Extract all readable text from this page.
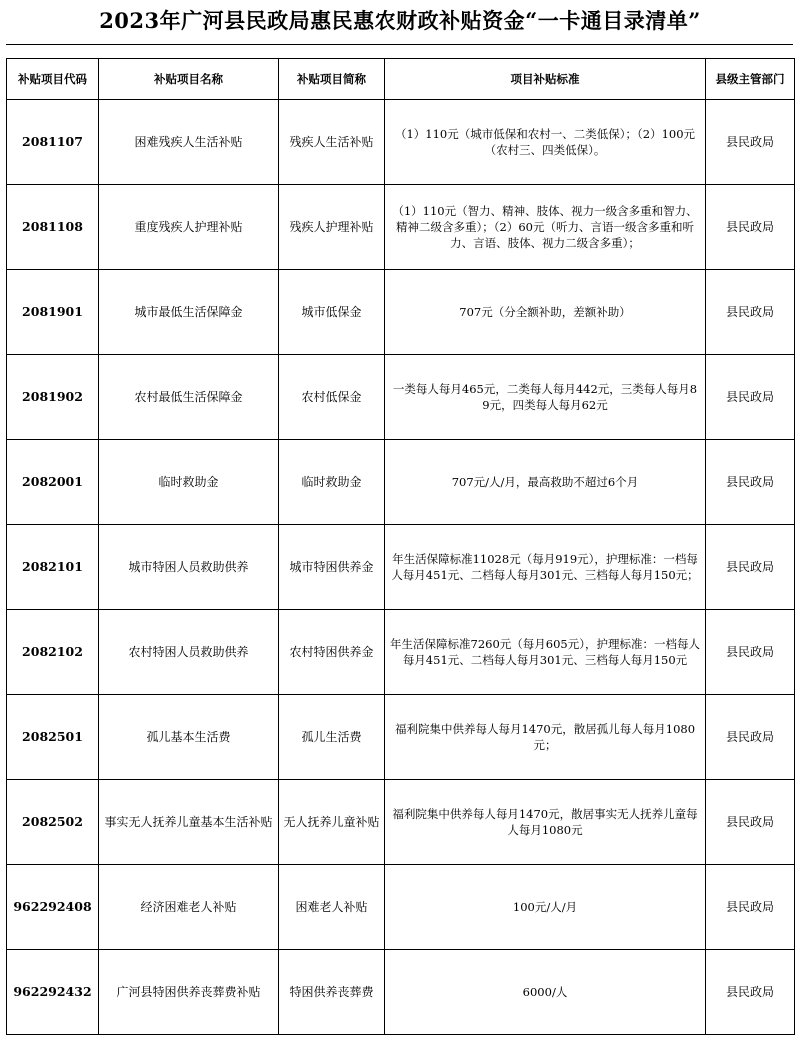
2023年广河县民政局惠民惠农财政补贴资金“一卡通目录清单”
补贴项目代码	补贴项目名称	补贴项目简称	项目补贴标准	县级主管部门
2081107	困难残疾人生活补贴	残疾人生活补贴	（1）110元（城市低保和农村一、二类低保）；（2）100元（农村三、四类低保）。	县民政局
2081108	重度残疾人护理补贴	残疾人护理补贴	（1）110元（智力、精神、肢体、视力一级含多重和智力、精神二级含多重）；（2）60元（听力、言语一级含多重和听力、言语、肢体、视力二级含多重）；	县民政局
2081901	城市最低生活保障金	城市低保金	707元（分全额补助，差额补助）	县民政局
2081902	农村最低生活保障金	农村低保金	一类每人每月465元，二类每人每月442元，三类每人每月89元，四类每人每月62元	县民政局
2082001	临时救助金	临时救助金	707元/人/月，最高救助不超过6个月	县民政局
2082101	城市特困人员救助供养	城市特困供养金	年生活保障标准11028元（每月919元），护理标准：一档每人每月451元、二档每人每月301元、三档每人每月150元；	县民政局
2082102	农村特困人员救助供养	农村特困供养金	年生活保障标准7260元（每月605元），护理标准：一档每人每月451元、二档每人每月301元、三档每人每月150元	县民政局
2082501	孤儿基本生活费	孤儿生活费	福利院集中供养每人每月1470元，散居孤儿每人每月1080元；	县民政局
2082502	事实无人抚养儿童基本生活补贴	无人抚养儿童补贴	福利院集中供养每人每月1470元，散居事实无人抚养儿童每人每月1080元	县民政局
962292408	经济困难老人补贴	困难老人补贴	100元/人/月	县民政局
962292432	广河县特困供养丧葬费补贴	特困供养丧葬费	6000/人	县民政局
